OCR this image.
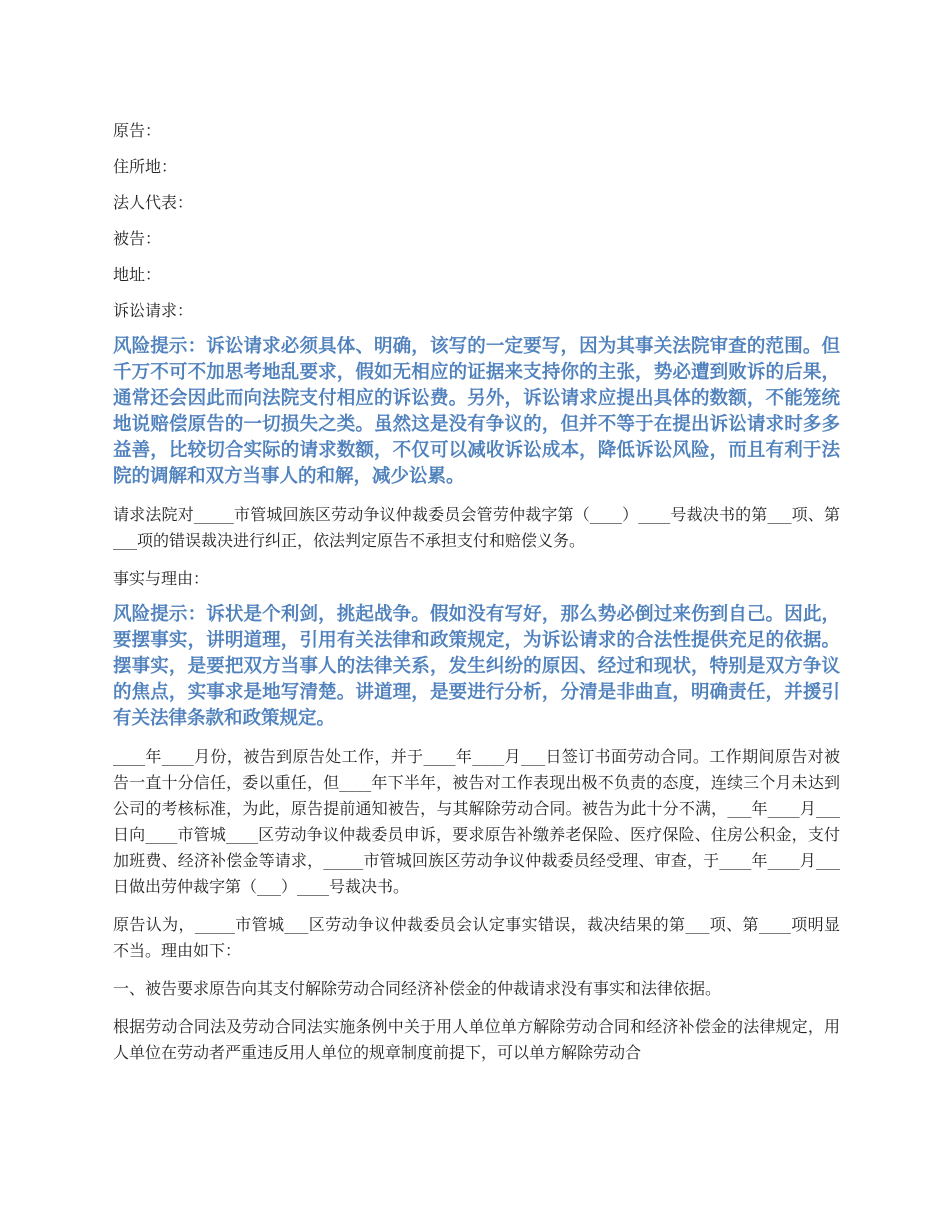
原告：

住所地：

法人代表：

被告：

地址：

诉讼请求：

风险提示：诉讼请求必须具体、明确，该写的一定要写，因为其事关法院审查的范围。但千万不可不加思考地乱要求，假如无相应的证据来支持你的主张，势必遭到败诉的后果，通常还会因此而向法院支付相应的诉讼费。另外，诉讼请求应提出具体的数额，不能笼统地说赔偿原告的一切损失之类。虽然这是没有争议的，但并不等于在提出诉讼请求时多多益善，比较切合实际的请求数额，不仅可以减收诉讼成本，降低诉讼风险，而且有利于法院的调解和双方当事人的和解，减少讼累。

请求法院对_____市管城回族区劳动争议仲裁委员会管劳仲裁字第（____）____号裁决书的第___项、第___项的错误裁决进行纠正，依法判定原告不承担支付和赔偿义务。

事实与理由：

风险提示：诉状是个利剑，挑起战争。假如没有写好，那么势必倒过来伤到自己。因此，要摆事实，讲明道理，引用有关法律和政策规定，为诉讼请求的合法性提供充足的依据。摆事实，是要把双方当事人的法律关系，发生纠纷的原因、经过和现状，特别是双方争议的焦点，实事求是地写清楚。讲道理，是要进行分析，分清是非曲直，明确责任，并援引有关法律条款和政策规定。

____年____月份，被告到原告处工作，并于____年____月___日签订书面劳动合同。工作期间原告对被告一直十分信任，委以重任，但____年下半年，被告对工作表现出极不负责的态度，连续三个月未达到公司的考核标准，为此，原告提前通知被告，与其解除劳动合同。被告为此十分不满，___年____月___日向____市管城____区劳动争议仲裁委员申诉，要求原告补缴养老保险、医疗保险、住房公积金，支付加班费、经济补偿金等请求，_____市管城回族区劳动争议仲裁委员经受理、审查，于____年____月___日做出劳仲裁字第（___）____号裁决书。

原告认为，_____市管城___区劳动争议仲裁委员会认定事实错误，裁决结果的第___项、第____项明显不当。理由如下：

一、被告要求原告向其支付解除劳动合同经济补偿金的仲裁请求没有事实和法律依据。

根据劳动合同法及劳动合同法实施条例中关于用人单位单方解除劳动合同和经济补偿金的法律规定，用人单位在劳动者严重违反用人单位的规章制度前提下，可以单方解除劳动合
